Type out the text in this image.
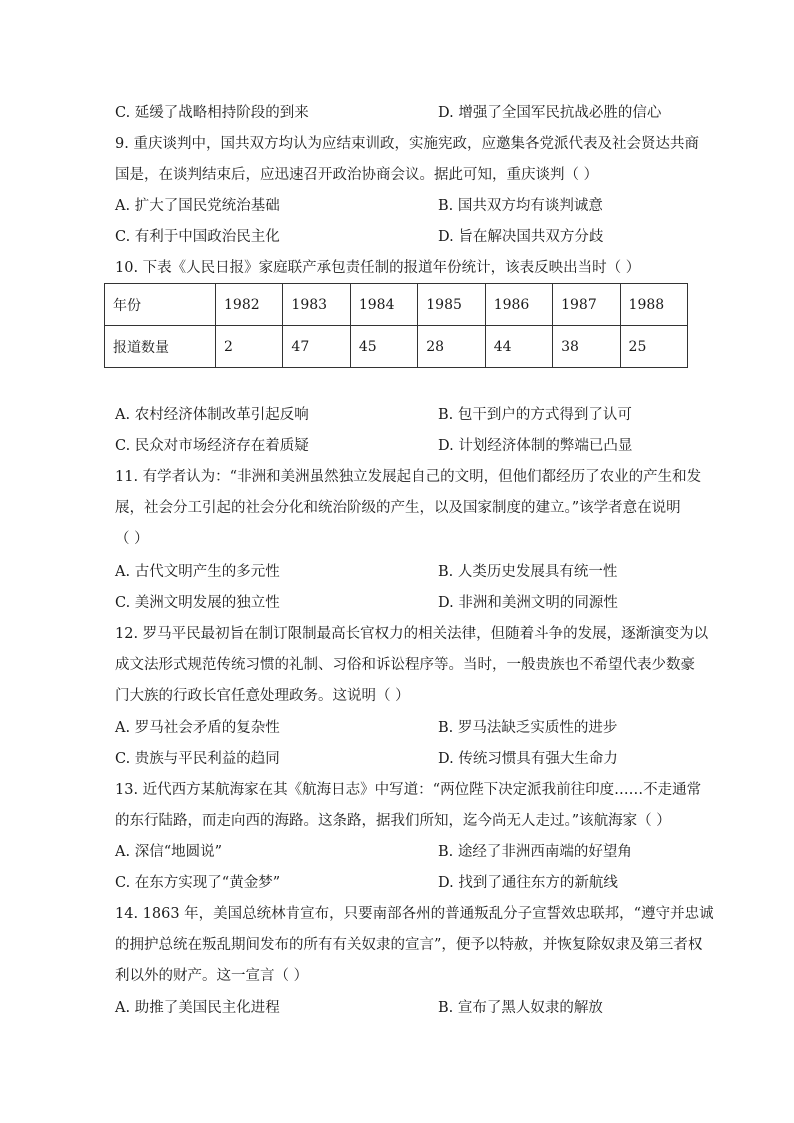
C. 延缓了战略相持阶段的到来	D. 增强了全国军民抗战必胜的信心
9. 重庆谈判中，国共双方均认为应结束训政，实施宪政，应邀集各党派代表及社会贤达共商
国是，在谈判结束后，应迅速召开政治协商会议。据此可知，重庆谈判（ ）
A. 扩大了国民党统治基础	B. 国共双方均有谈判诚意
C. 有利于中国政治民主化	D. 旨在解决国共双方分歧
10. 下表《人民日报》家庭联产承包责任制的报道年份统计，该表反映出当时（ ）
年份	1982	1983	1984	1985	1986	1987	1988
报道数量	2	47	45	28	44	38	25
A. 农村经济体制改革引起反响	B. 包干到户的方式得到了认可
C. 民众对市场经济存在着质疑	D. 计划经济体制的弊端已凸显
11. 有学者认为：“非洲和美洲虽然独立发展起自己的文明，但他们都经历了农业的产生和发
展，社会分工引起的社会分化和统治阶级的产生，以及国家制度的建立。”该学者意在说明
（ ）
A. 古代文明产生的多元性	B. 人类历史发展具有统一性
C. 美洲文明发展的独立性	D. 非洲和美洲文明的同源性
12. 罗马平民最初旨在制订限制最高长官权力的相关法律，但随着斗争的发展，逐渐演变为以
成文法形式规范传统习惯的礼制、习俗和诉讼程序等。当时，一般贵族也不希望代表少数豪
门大族的行政长官任意处理政务。这说明（ ）
A. 罗马社会矛盾的复杂性	B. 罗马法缺乏实质性的进步
C. 贵族与平民利益的趋同	D. 传统习惯具有强大生命力
13. 近代西方某航海家在其《航海日志》中写道：“两位陛下决定派我前往印度……不走通常
的东行陆路，而走向西的海路。这条路，据我们所知，迄今尚无人走过。”该航海家（ ）
A. 深信“地圆说”	B. 途经了非洲西南端的好望角
C. 在东方实现了“黄金梦”	D. 找到了通往东方的新航线
14. 1863 年，美国总统林肯宣布，只要南部各州的普通叛乱分子宣誓效忠联邦，“遵守并忠诚
的拥护总统在叛乱期间发布的所有有关奴隶的宣言”，便予以特赦，并恢复除奴隶及第三者权
利以外的财产。这一宣言（ ）
A. 助推了美国民主化进程	B. 宣布了黑人奴隶的解放
